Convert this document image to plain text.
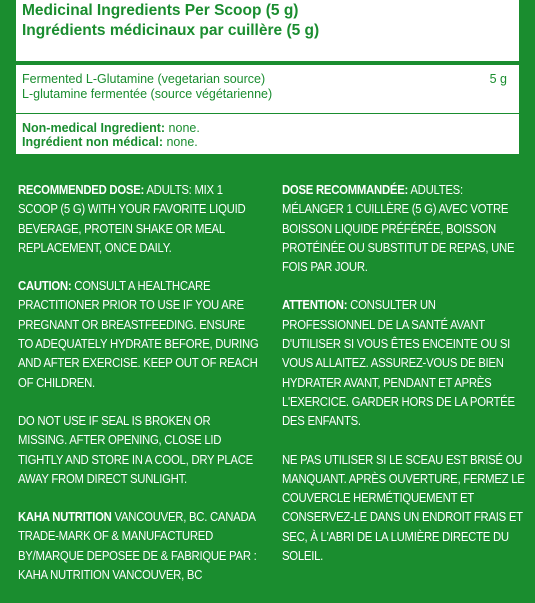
Medicinal Ingredients Per Scoop (5 g)
Ingrédients médicinaux par cuillère (5 g)
Fermented L-Glutamine (vegetarian source)
L-glutamine fermentée (source végétarienne)
5 g
Non-medical Ingredient: none.
Ingrédient non médical: none.

RECOMMENDED DOSE: ADULTS: MIX 1 SCOOP (5 G) WITH YOUR FAVORITE LIQUID BEVERAGE, PROTEIN SHAKE OR MEAL REPLACEMENT, ONCE DAILY.

CAUTION: CONSULT A HEALTHCARE PRACTITIONER PRIOR TO USE IF YOU ARE PREGNANT OR BREASTFEEDING. ENSURE TO ADEQUATELY HYDRATE BEFORE, DURING AND AFTER EXERCISE. KEEP OUT OF REACH OF CHILDREN.

DO NOT USE IF SEAL IS BROKEN OR MISSING. AFTER OPENING, CLOSE LID TIGHTLY AND STORE IN A COOL, DRY PLACE AWAY FROM DIRECT SUNLIGHT.

KAHA NUTRITION VANCOUVER, BC. CANADA TRADE-MARK OF & MANUFACTURED BY/MARQUE DEPOSEE DE & FABRIQUE PAR : KAHA NUTRITION VANCOUVER, BC

DOSE RECOMMANDÉE: ADULTES: MÉLANGER 1 CUILLÈRE (5 G) AVEC VOTRE BOISSON LIQUIDE PRÉFÉRÉE, BOISSON PROTÉINÉE OU SUBSTITUT DE REPAS, UNE FOIS PAR JOUR.

ATTENTION: CONSULTER UN PROFESSIONNEL DE LA SANTÉ AVANT D'UTILISER SI VOUS ÊTES ENCEINTE OU SI VOUS ALLAITEZ. ASSUREZ-VOUS DE BIEN HYDRATER AVANT, PENDANT ET APRÈS L'EXERCICE. GARDER HORS DE LA PORTÉE DES ENFANTS.

NE PAS UTILISER SI LE SCEAU EST BRISÉ OU MANQUANT. APRÈS OUVERTURE, FERMEZ LE COUVERCLE HERMÉTIQUEMENT ET CONSERVEZ-LE DANS UN ENDROIT FRAIS ET SEC, À L'ABRI DE LA LUMIÈRE DIRECTE DU SOLEIL.
